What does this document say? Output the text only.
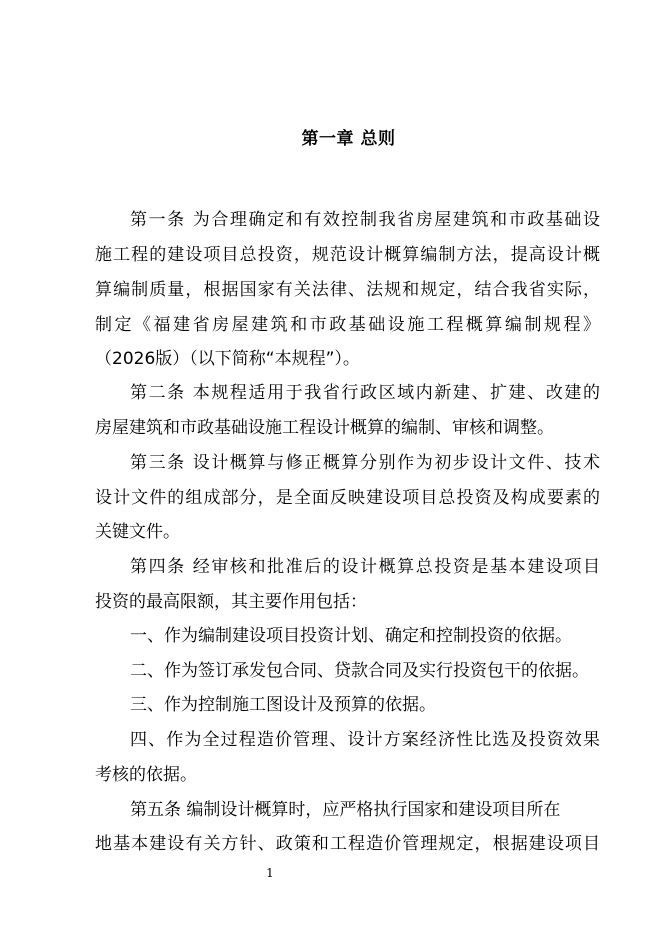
第一章 总则
第一条 为合理确定和有效控制我省房屋建筑和市政基础设
施工程的建设项目总投资，规范设计概算编制方法，提高设计概
算编制质量，根据国家有关法律、法规和规定，结合我省实际，
制定《福建省房屋建筑和市政基础设施工程概算编制规程》
（2026版）（以下简称“本规程”）。
第二条 本规程适用于我省行政区域内新建、扩建、改建的
房屋建筑和市政基础设施工程设计概算的编制、审核和调整。
第三条 设计概算与修正概算分别作为初步设计文件、技术
设计文件的组成部分，是全面反映建设项目总投资及构成要素的
关键文件。
第四条 经审核和批准后的设计概算总投资是基本建设项目
投资的最高限额，其主要作用包括：
一、作为编制建设项目投资计划、确定和控制投资的依据。
二、作为签订承发包合同、贷款合同及实行投资包干的依据。
三、作为控制施工图设计及预算的依据。
四、作为全过程造价管理、设计方案经济性比选及投资效果
考核的依据。
第五条 编制设计概算时，应严格执行国家和建设项目所在
地基本建设有关方针、政策和工程造价管理规定，根据建设项目
1
